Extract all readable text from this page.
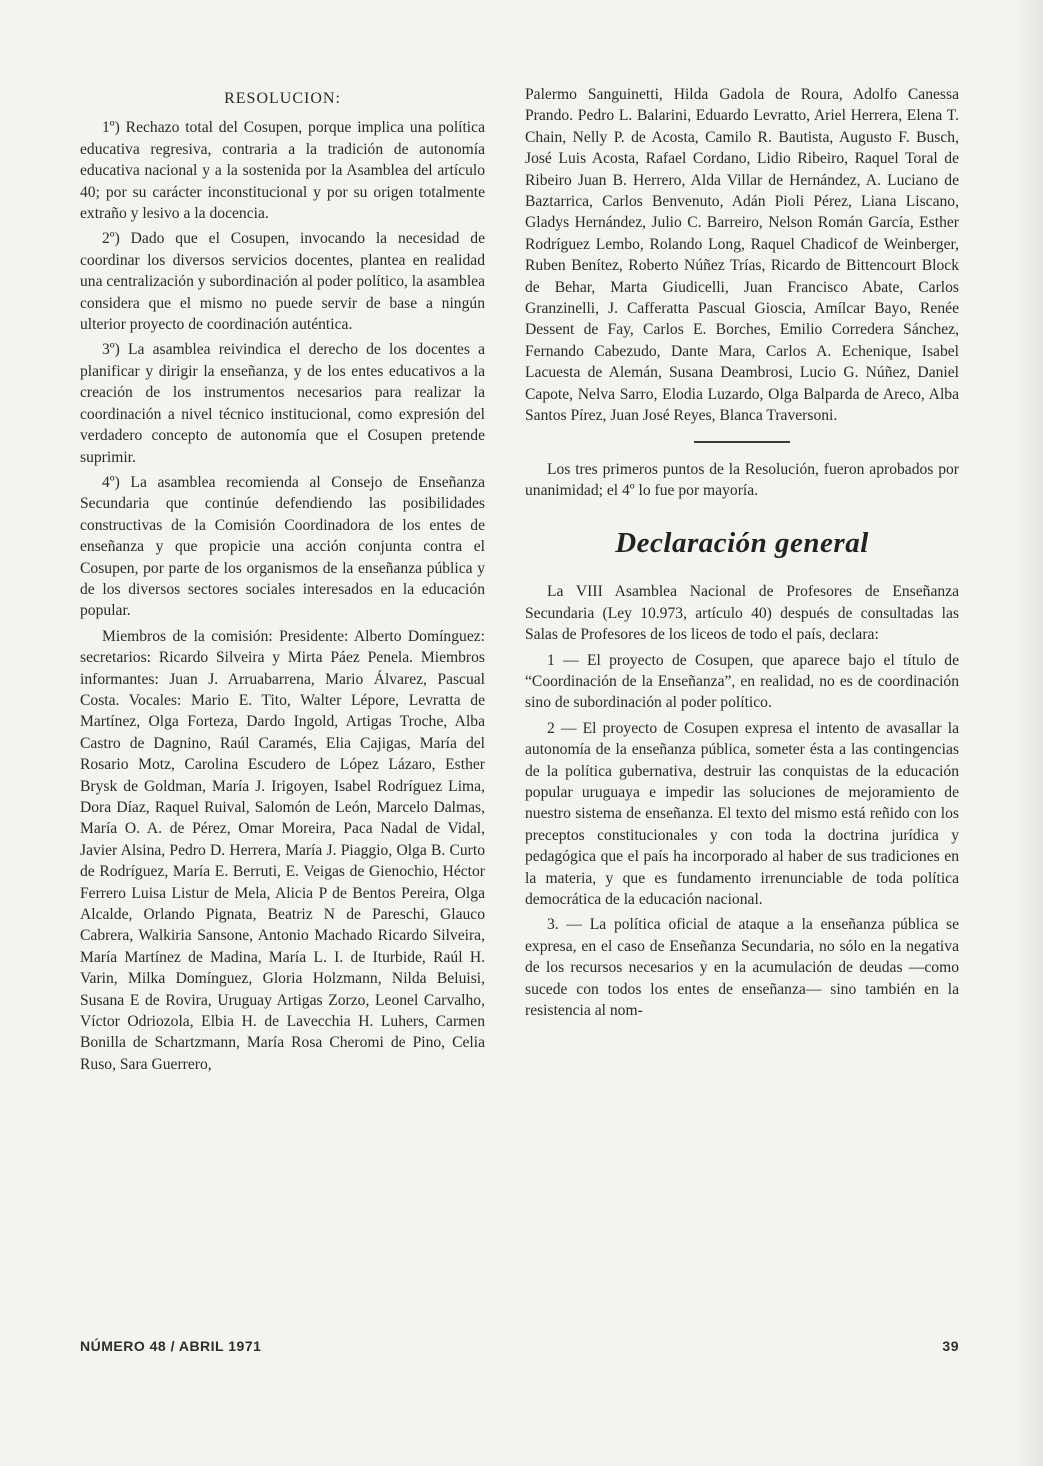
RESOLUCION:

1º) Rechazo total del Cosupen, porque implica una política educativa regresiva, contraria a la tradición de autonomía educativa nacional y a la sostenida por la Asamblea del artículo 40; por su carácter inconstitucional y por su origen totalmente extraño y lesivo a la docencia.

2º) Dado que el Cosupen, invocando la necesidad de coordinar los diversos servicios docentes, plantea en realidad una centralización y subordinación al poder político, la asamblea considera que el mismo no puede servir de base a ningún ulterior proyecto de coordinación auténtica.

3º) La asamblea reivindica el derecho de los docentes a planificar y dirigir la enseñanza, y de los entes educativos a la creación de los instrumentos necesarios para realizar la coordinación a nivel técnico institucional, como expresión del verdadero concepto de autonomía que el Cosupen pretende suprimir.

4º) La asamblea recomienda al Consejo de Enseñanza Secundaria que continúe defendiendo las posibilidades constructivas de la Comisión Coordinadora de los entes de enseñanza y que propicie una acción conjunta contra el Cosupen, por parte de los organismos de la enseñanza pública y de los diversos sectores sociales interesados en la educación popular.

Miembros de la comisión: Presidente: Alberto Domínguez: secretarios: Ricardo Silveira y Mirta Páez Penela. Miembros informantes: Juan J. Arruabarrena, Mario Álvarez, Pascual Costa. Vocales: Mario E. Tito, Walter Lépore, Levratta de Martínez, Olga Forteza, Dardo Ingold, Artigas Troche, Alba Castro de Dagnino, Raúl Caramés, Elia Cajigas, María del Rosario Motz, Carolina Escudero de López Lázaro, Esther Brysk de Goldman, María J. Irigoyen, Isabel Rodríguez Lima, Dora Díaz, Raquel Ruival, Salomón de León, Marcelo Dalmas, María O. A. de Pérez, Omar Moreira, Paca Nadal de Vidal, Javier Alsina, Pedro D. Herrera, María J. Piaggio, Olga B. Curto de Rodríguez, María E. Berruti, E. Veigas de Gienochio, Héctor Ferrero Luisa Listur de Mela, Alicia P de Bentos Pereira, Olga Alcalde, Orlando Pignata, Beatriz N de Pareschi, Glauco Cabrera, Walkiria Sansone, Antonio Machado Ricardo Silveira, María Martínez de Madina, María L. I. de Iturbide, Raúl H. Varin, Milka Domínguez, Gloria Holzmann, Nilda Beluisi, Susana E de Rovira, Uruguay Artigas Zorzo, Leonel Carvalho, Víctor Odriozola, Elbia H. de Lavecchia H. Luhers, Carmen Bonilla de Schartzmann, María Rosa Cheromi de Pino, Celia Ruso, Sara Guerrero,

Palermo Sanguinetti, Hilda Gadola de Roura, Adolfo Canessa Prando. Pedro L. Balarini, Eduardo Levratto, Ariel Herrera, Elena T. Chain, Nelly P. de Acosta, Camilo R. Bautista, Augusto F. Busch, José Luis Acosta, Rafael Cordano, Lidio Ribeiro, Raquel Toral de Ribeiro Juan B. Herrero, Alda Villar de Hernández, A. Luciano de Baztarrica, Carlos Benvenuto, Adán Pioli Pérez, Liana Liscano, Gladys Hernández, Julio C. Barreiro, Nelson Román García, Esther Rodríguez Lembo, Rolando Long, Raquel Chadicof de Weinberger, Ruben Benítez, Roberto Núñez Trías, Ricardo de Bittencourt Block de Behar, Marta Giudicelli, Juan Francisco Abate, Carlos Granzinelli, J. Cafferatta Pascual Gioscia, Amílcar Bayo, Renée Dessent de Fay, Carlos E. Borches, Emilio Corredera Sánchez, Fernando Cabezudo, Dante Mara, Carlos A. Echenique, Isabel Lacuesta de Alemán, Susana Deambrosi, Lucio G. Núñez, Daniel Capote, Nelva Sarro, Elodia Luzardo, Olga Balparda de Areco, Alba Santos Pírez, Juan José Reyes, Blanca Traversoni.

Los tres primeros puntos de la Resolución, fueron aprobados por unanimidad; el 4º lo fue por mayoría.

Declaración general

La VIII Asamblea Nacional de Profesores de Enseñanza Secundaria (Ley 10.973, artículo 40) después de consultadas las Salas de Profesores de los liceos de todo el país, declara:

1 — El proyecto de Cosupen, que aparece bajo el título de “Coordinación de la Enseñanza”, en realidad, no es de coordinación sino de subordinación al poder político.

2 — El proyecto de Cosupen expresa el intento de avasallar la autonomía de la enseñanza pública, someter ésta a las contingencias de la política gubernativa, destruir las conquistas de la educación popular uruguaya e impedir las soluciones de mejoramiento de nuestro sistema de enseñanza. El texto del mismo está reñido con los preceptos constitucionales y con toda la doctrina jurídica y pedagógica que el país ha incorporado al haber de sus tradiciones en la materia, y que es fundamento irrenunciable de toda política democrática de la educación nacional.

3. — La política oficial de ataque a la enseñanza pública se expresa, en el caso de Enseñanza Secundaria, no sólo en la negativa de los recursos necesarios y en la acumulación de deudas —como sucede con todos los entes de enseñanza— sino también en la resistencia al nom-

NÚMERO 48 / ABRIL 1971	39
